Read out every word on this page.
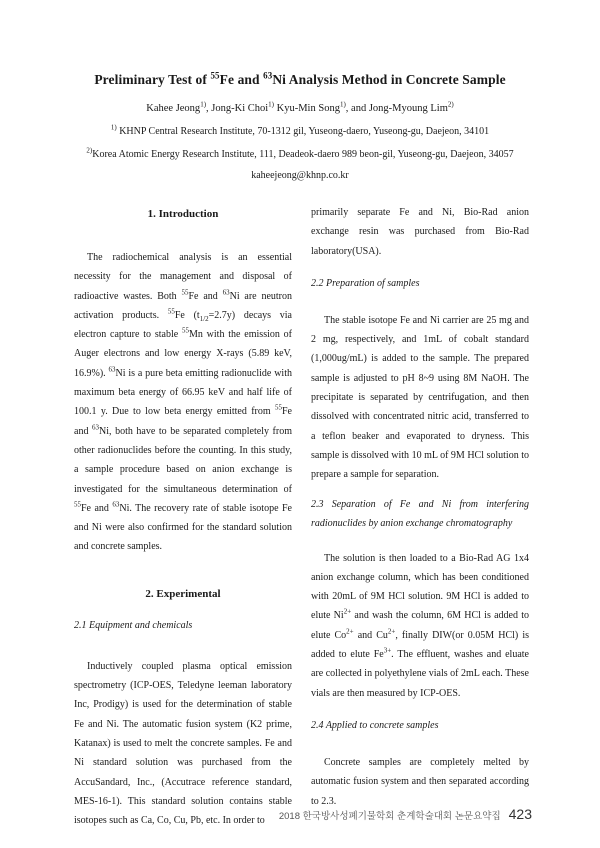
Preliminary Test of $^{55}$Fe and $^{63}$Ni Analysis Method in Concrete Sample
Kahee Jeong$^{1)}$, Jong-Ki Choi$^{1)}$ Kyu-Min Song$^{1)}$, and Jong-Myoung Lim$^{2)}$
$^{1)}$ KHNP Central Research Institute, 70-1312 gil, Yuseong-daero, Yuseong-gu, Daejeon, 34101
$^{2)}$Korea Atomic Energy Research Institute, 111, Deadeok-daero 989 beon-gil, Yuseong-gu, Daejeon, 34057
kaheejeong@khnp.co.kr
1. Introduction

The radiochemical analysis is an essential necessity for the management and disposal of radioactive wastes. Both $^{55}$Fe and $^{63}$Ni are neutron activation products. $^{55}$Fe $(t_{1/2}=2.7y)$ decays via electron capture to stable $^{55}$Mn with the emission of Auger electrons and low energy X-rays (5.89 keV, 16.9%). $^{63}$Ni is a pure beta emitting radionuclide with maximum beta energy of 66.95 keV and half life of 100.1 y. Due to low beta energy emitted from $^{55}$Fe and $^{63}$Ni, both have to be separated completely from other radionuclides before the counting. In this study, a sample procedure based on anion exchange is investigated for the simultaneous determination of $^{55}$Fe and $^{63}$Ni. The recovery rate of stable isotope Fe and Ni were also confirmed for the standard solution and concrete samples.

2. Experimental
2.1 Equipment and chemicals

Inductively coupled plasma optical emission spectrometry (ICP-OES, Teledyne leeman laboratory Inc, Prodigy) is used for the determination of stable Fe and Ni. The automatic fusion system (K2 prime, Katanax) is used to melt the concrete samples. Fe and Ni standard solution was purchased from the AccuSandard, Inc., (Accutrace reference standard, MES-16-1). This standard solution contains stable isotopes such as Ca, Co, Cu, Pb, etc. In order to

primarily separate Fe and Ni, Bio-Rad anion exchange resin was purchased from Bio-Rad laboratory(USA).

2.2 Preparation of samples

The stable isotope Fe and Ni carrier are 25 mg and 2 mg, respectively, and 1mL of cobalt standard (1,000ug/mL) is added to the sample. The prepared sample is adjusted to pH 8~9 using 8M NaOH. The precipitate is separated by centrifugation, and then dissolved with concentrated nitric acid, transferred to a teflon beaker and evaporated to dryness. This sample is dissolved with 10 mL of 9M HCl solution to prepare a sample for separation.

2.3 Separation of Fe and Ni from interfering radionuclides by anion exchange chromatography

The solution is then loaded to a Bio-Rad AG 1x4 anion exchange column, which has been conditioned with 20mL of 9M HCl solution. 9M HCl is added to elute $Ni^{2+}$ and wash the column, 6M HCl is added to elute $Co^{2+}$ and $Cu^{2+}$, finally DIW(or 0.05M HCl) is added to elute $Fe^{3+}$. The effluent, washes and eluate are collected in polyethylene vials of 2mL each. These vials are then measured by ICP-OES.

2.4 Applied to concrete samples

Concrete samples are completely melted by automatic fusion system and then separated according to 2.3.

2018 한국방사성폐기물학회 춘계학술대회 논문요약집 423
